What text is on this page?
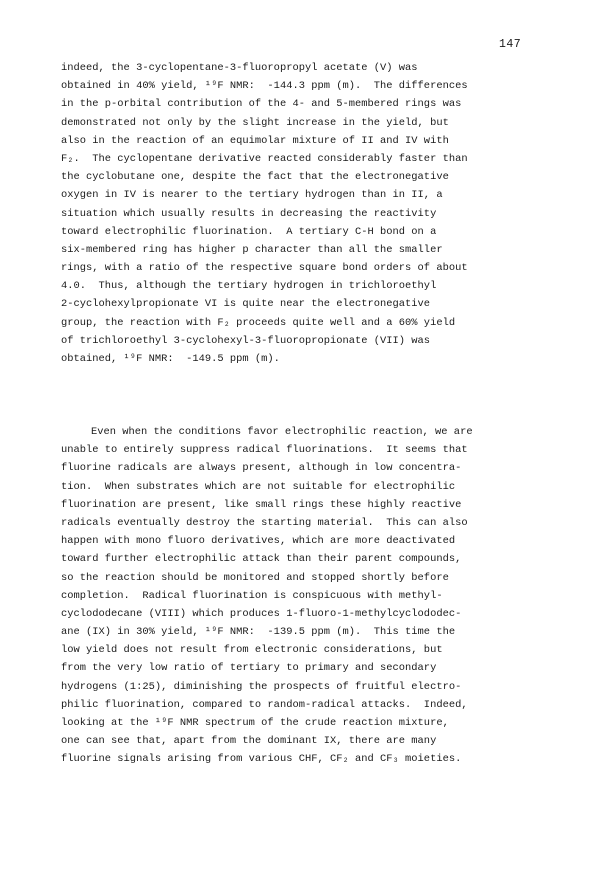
147
indeed, the 3-cyclopentane-3-fluoropropyl acetate (V) was
obtained in 40% yield, ¹⁹F NMR:  -144.3 ppm (m).  The differences
in the p-orbital contribution of the 4- and 5-membered rings was
demonstrated not only by the slight increase in the yield, but
also in the reaction of an equimolar mixture of II and IV with
F₂.  The cyclopentane derivative reacted considerably faster than
the cyclobutane one, despite the fact that the electronegative
oxygen in IV is nearer to the tertiary hydrogen than in II, a
situation which usually results in decreasing the reactivity
toward electrophilic fluorination.  A tertiary C-H bond on a
six-membered ring has higher p character than all the smaller
rings, with a ratio of the respective square bond orders of about
4.0.  Thus, although the tertiary hydrogen in trichloroethyl
2-cyclohexylpropionate VI is quite near the electronegative
group, the reaction with F₂ proceeds quite well and a 60% yield
of trichloroethyl 3-cyclohexyl-3-fluoropropionate (VII) was
obtained, ¹⁹F NMR:  -149.5 ppm (m).
Even when the conditions favor electrophilic reaction, we are
unable to entirely suppress radical fluorinations.  It seems that
fluorine radicals are always present, although in low concentra-
tion.  When substrates which are not suitable for electrophilic
fluorination are present, like small rings these highly reactive
radicals eventually destroy the starting material.  This can also
happen with mono fluoro derivatives, which are more deactivated
toward further electrophilic attack than their parent compounds,
so the reaction should be monitored and stopped shortly before
completion.  Radical fluorination is conspicuous with methyl-
cyclododecane (VIII) which produces 1-fluoro-1-methylcyclododec-
ane (IX) in 30% yield, ¹⁹F NMR:  -139.5 ppm (m).  This time the
low yield does not result from electronic considerations, but
from the very low ratio of tertiary to primary and secondary
hydrogens (1:25), diminishing the prospects of fruitful electro-
philic fluorination, compared to random-radical attacks.  Indeed,
looking at the ¹⁹F NMR spectrum of the crude reaction mixture,
one can see that, apart from the dominant IX, there are many
fluorine signals arising from various CHF, CF₂ and CF₃ moieties.
